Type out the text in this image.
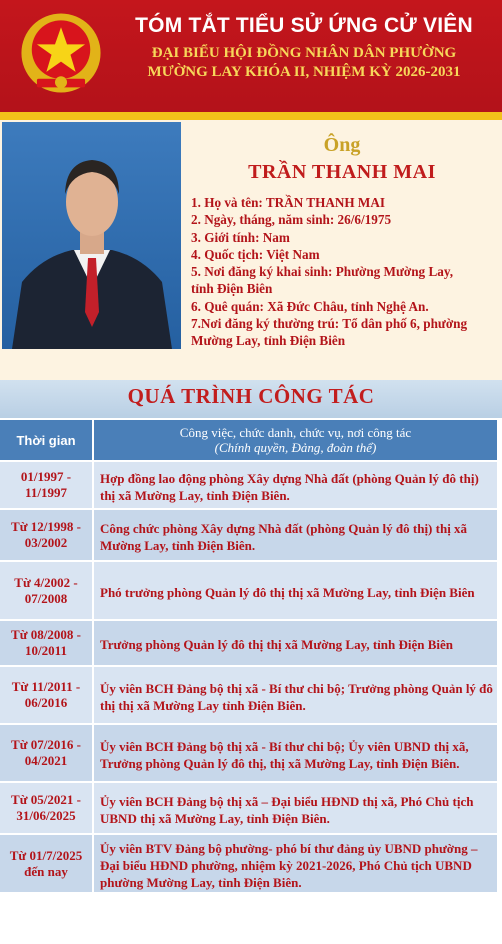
TÓM TẮT TIỂU SỬ ỨNG CỬ VIÊN
ĐẠI BIỂU HỘI ĐỒNG NHÂN DÂN PHƯỜNG
MƯỜNG LAY KHÓA II, NHIỆM KỲ 2026-2031
Ông
TRẦN THANH MAI
1. Họ và tên: TRẦN THANH MAI
2. Ngày, tháng, năm sinh: 26/6/1975
3. Giới tính: Nam
4. Quốc tịch: Việt Nam
5. Nơi đăng ký khai sinh: Phường Mường Lay,
tỉnh Điện Biên
6. Quê quán: Xã Đức Châu, tỉnh Nghệ An.
7.Nơi đăng ký thường trú: Tổ dân phố 6, phường
Mường Lay, tỉnh Điện Biên
QUÁ TRÌNH CÔNG TÁC
Thời gian	Công việc, chức danh, chức vụ, nơi công tác
(Chính quyền, Đảng, đoàn thể)
01/1997 - 11/1997
Hợp đồng lao động phòng Xây dựng Nhà đất (phòng Quản lý đô thị) thị xã Mường Lay, tỉnh Điện Biên.
Từ 12/1998 - 03/2002
Công chức phòng Xây dựng Nhà đất (phòng Quản lý đô thị) thị xã Mường Lay, tỉnh Điện Biên.
Từ 4/2002 - 07/2008	Phó trưởng phòng Quản lý đô thị thị xã Mường Lay, tỉnh Điện Biên
Từ 08/2008 - 10/2011	Trưởng phòng Quản lý đô thị thị xã Mường Lay, tỉnh Điện Biên
Từ 11/2011 - 06/2016
Ủy viên BCH Đảng bộ thị xã - Bí thư chi bộ; Trưởng phòng Quản lý đô thị thị xã Mường Lay tỉnh Điện Biên.
Từ 07/2016 - 04/2021
Ủy viên BCH Đảng bộ thị xã - Bí thư chi bộ; Ủy viên UBND thị xã, Trưởng phòng Quản lý đô thị, thị xã Mường Lay, tỉnh Điện Biên.
Từ 05/2021 - 31/06/2025
Ủy viên BCH Đảng bộ thị xã – Đại biểu HĐND thị xã, Phó Chủ tịch UBND thị xã Mường Lay, tỉnh Điện Biên.
Từ 01/7/2025 đến nay
Ủy viên BTV Đảng bộ phường- phó bí thư đảng ủy UBND phường – Đại biểu HĐND phường, nhiệm kỳ 2021-2026, Phó Chủ tịch UBND phường Mường Lay, tỉnh Điện Biên.
